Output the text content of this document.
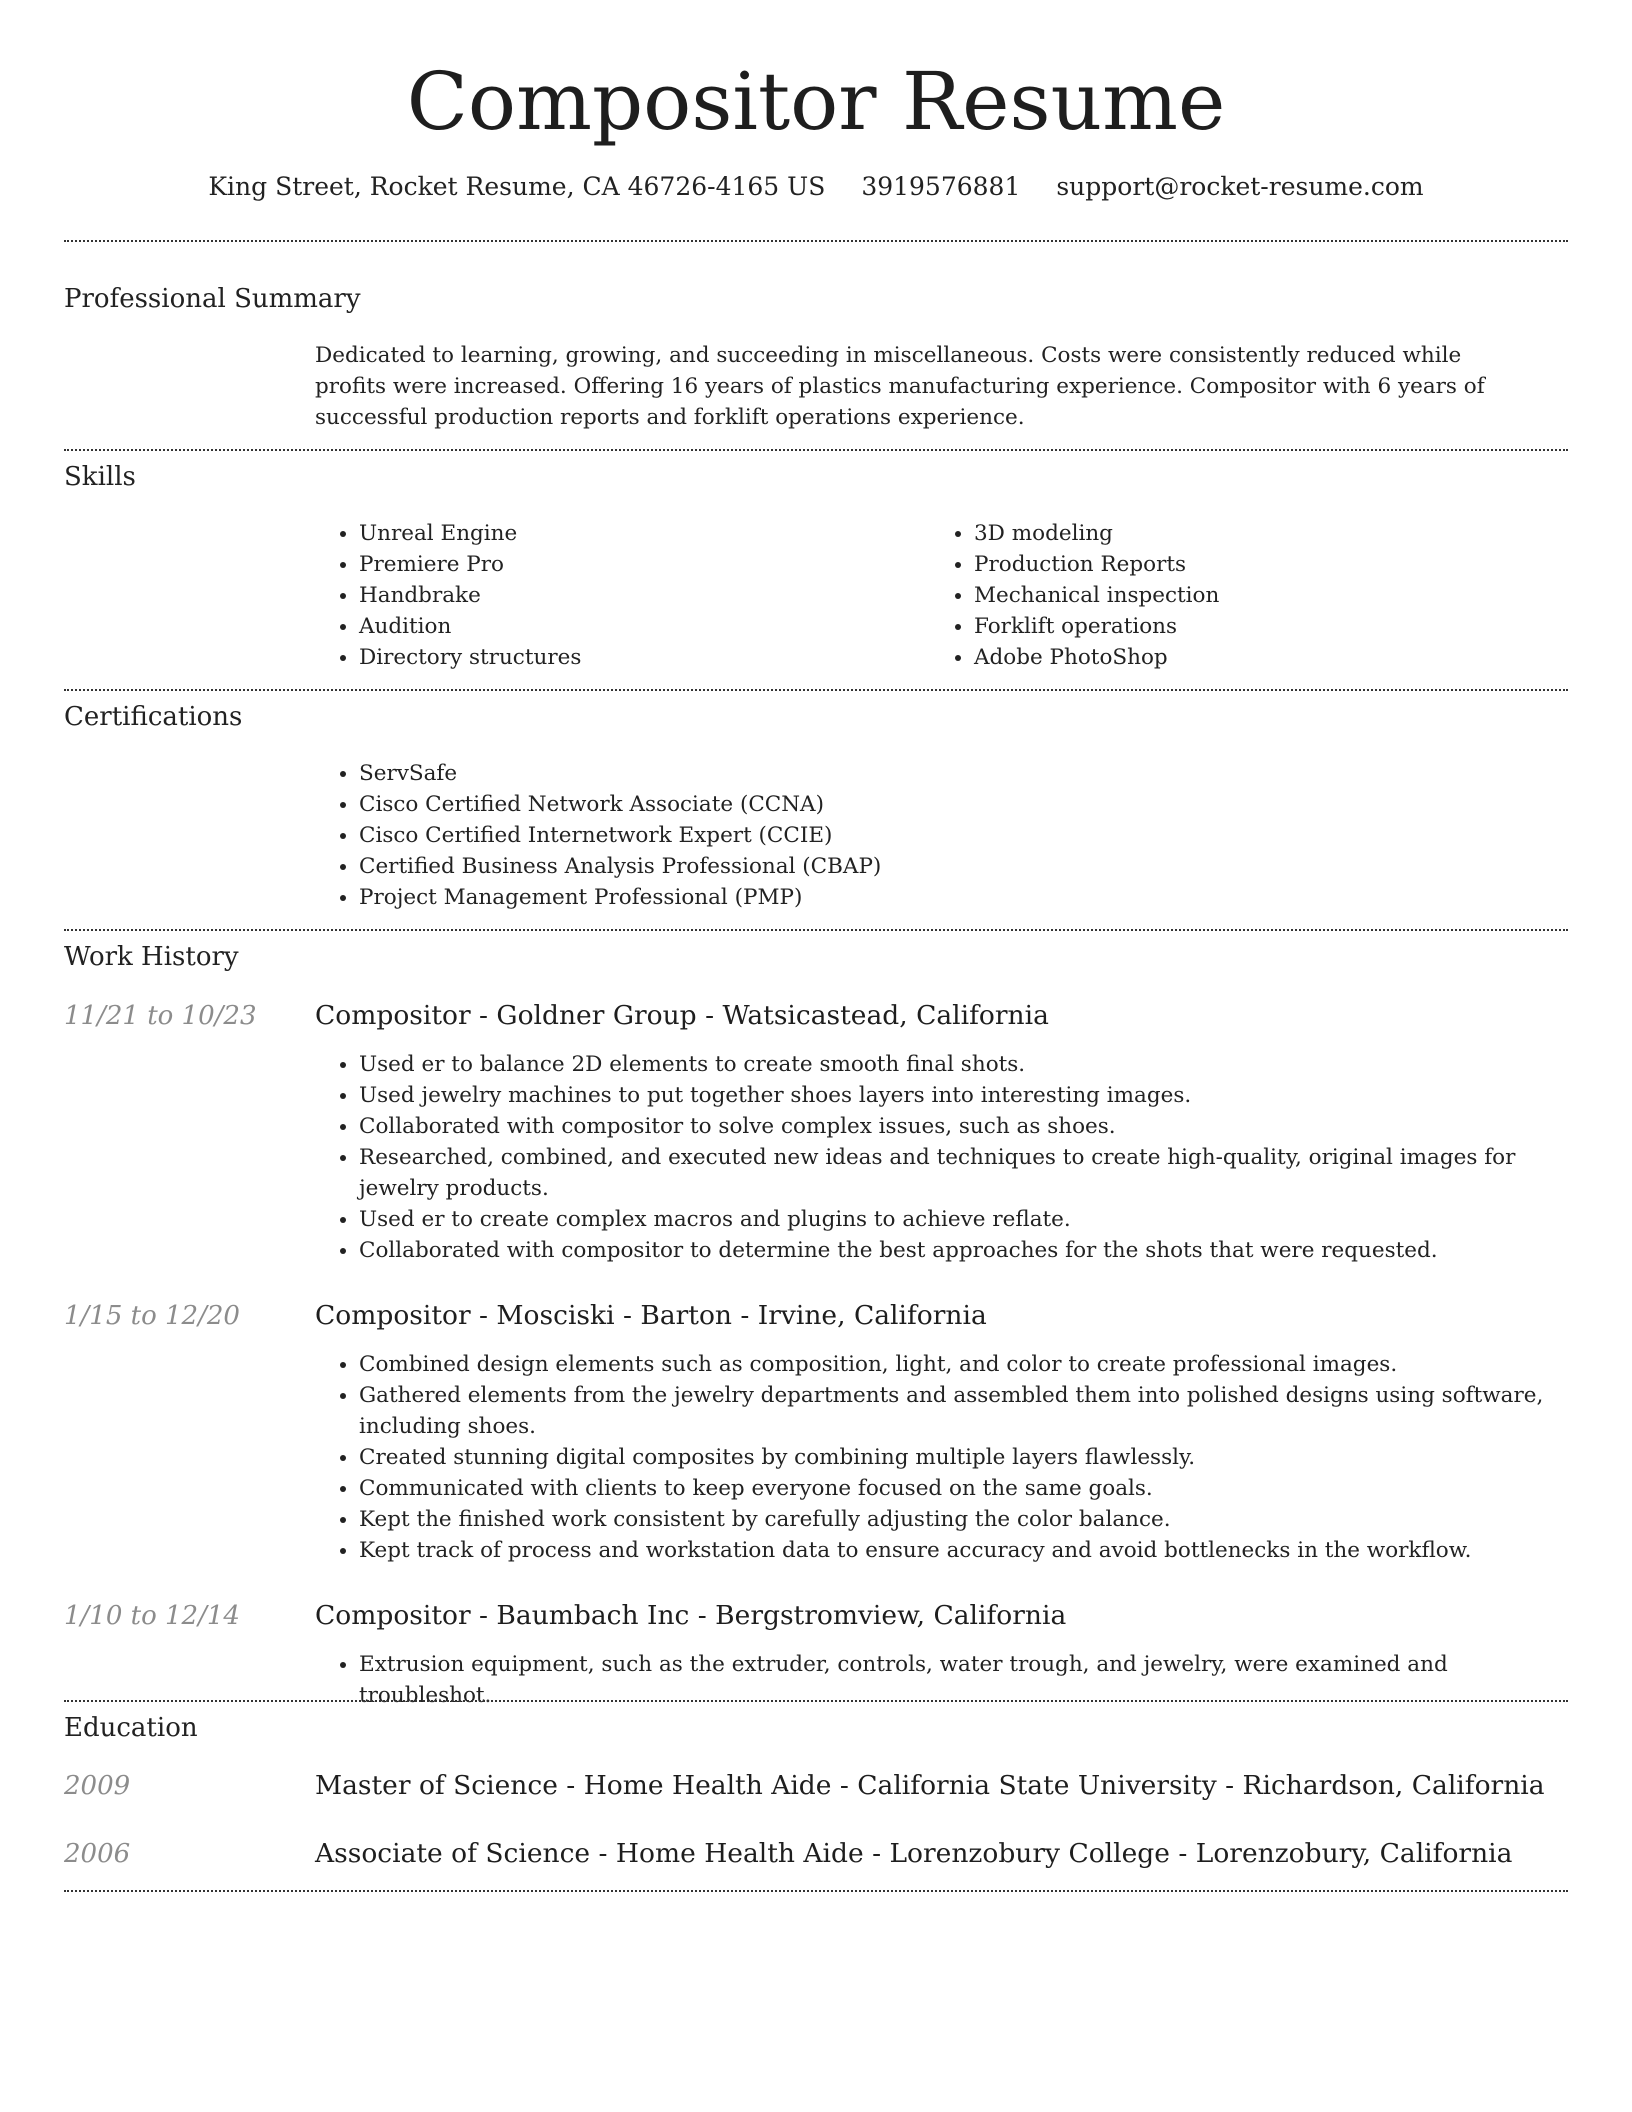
Compositor Resume
King Street, Rocket Resume, CA 46726-4165 US 3919576881 support@rocket-resume.com
Professional Summary

Dedicated to learning, growing, and succeeding in miscellaneous. Costs were consistently reduced while profits were increased. Offering 16 years of plastics manufacturing experience. Compositor with 6 years of successful production reports and forklift operations experience.

Skills
• Unreal Engine
• Premiere Pro
• Handbrake
• Audition
• Directory structures
• 3D modeling
• Production Reports
• Mechanical inspection
• Forklift operations
• Adobe PhotoShop
Certifications
• ServSafe
• Cisco Certified Network Associate (CCNA)
• Cisco Certified Internetwork Expert (CCIE)
• Certified Business Analysis Professional (CBAP)
• Project Management Professional (PMP)
Work History
11/21 to 10/23 Compositor - Goldner Group - Watsicastead, California
• Used er to balance 2D elements to create smooth final shots.
• Used jewelry machines to put together shoes layers into interesting images.
• Collaborated with compositor to solve complex issues, such as shoes.
• Researched, combined, and executed new ideas and techniques to create high-quality, original images for jewelry products.
• Used er to create complex macros and plugins to achieve reflate.
• Collaborated with compositor to determine the best approaches for the shots that were requested.
1/15 to 12/20	Compositor - Mosciski - Barton - Irvine, California
• Combined design elements such as composition, light, and color to create professional images.
• Gathered elements from the jewelry departments and assembled them into polished designs using software, including shoes.
• Created stunning digital composites by combining multiple layers flawlessly.
• Communicated with clients to keep everyone focused on the same goals.
• Kept the finished work consistent by carefully adjusting the color balance.
• Kept track of process and workstation data to ensure accuracy and avoid bottlenecks in the workflow.
1/10 to 12/14	Compositor - Baumbach Inc - Bergstromview, California
• Extrusion equipment, such as the extruder, controls, water trough, and jewelry, were examined and troubleshot.
Education
2009	Master of Science - Home Health Aide - California State University - Richardson, California
2006	Associate of Science - Home Health Aide - Lorenzobury College - Lorenzobury, California
